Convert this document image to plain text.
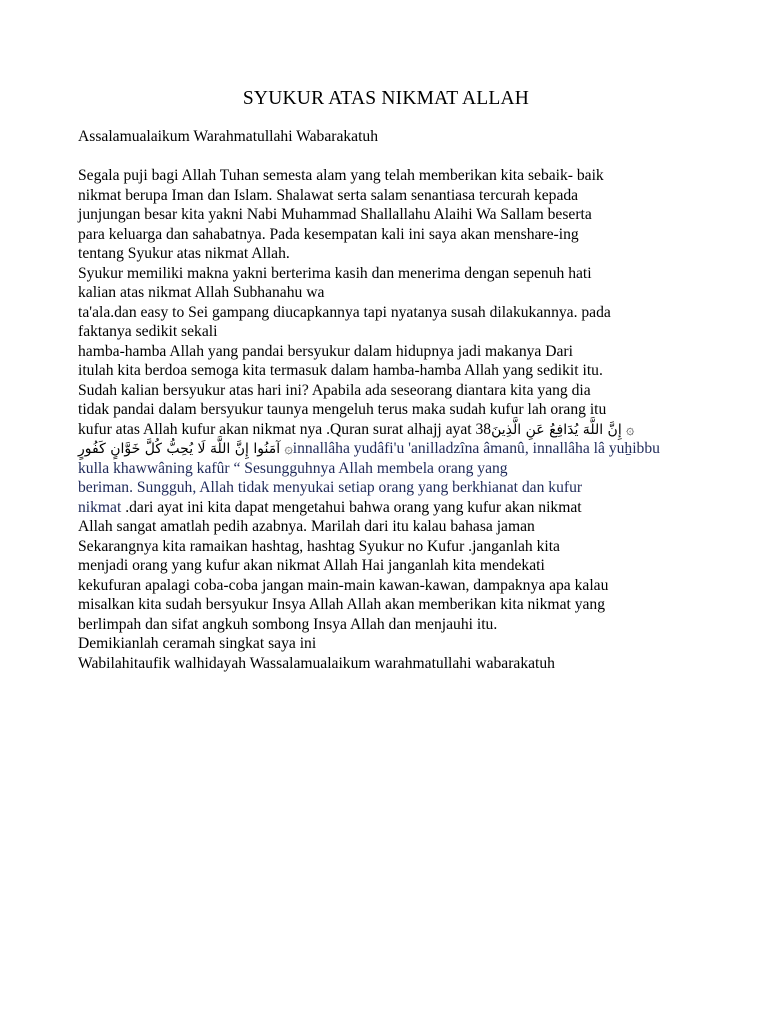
SYUKUR ATAS NIKMAT ALLAH
Assalamualaikum Warahmatullahi Wabarakatuh
Segala puji bagi Allah Tuhan semesta alam yang telah memberikan kita sebaik- baik
nikmat berupa Iman dan Islam. Shalawat serta salam senantiasa tercurah kepada
junjungan besar kita yakni Nabi Muhammad Shallallahu Alaihi Wa Sallam beserta
para keluarga dan sahabatnya. Pada kesempatan kali ini saya akan menshare-ing
tentang Syukur atas nikmat Allah.
Syukur memiliki makna yakni berterima kasih dan menerima dengan sepenuh hati
kalian atas nikmat Allah Subhanahu wa
ta'ala.dan easy to Sei gampang diucapkannya tapi nyatanya susah dilakukannya. pada
faktanya sedikit sekali
hamba-hamba Allah yang pandai bersyukur dalam hidupnya jadi makanya Dari
itulah kita berdoa semoga kita termasuk dalam hamba-hamba Allah yang sedikit itu.
Sudah kalian bersyukur atas hari ini? Apabila ada seseorang diantara kita yang dia
tidak pandai dalam bersyukur taunya mengeluh terus maka sudah kufur lah orang itu
kufur atas Allah kufur akan nikmat nya .Quran surat alhajj ayat 38۞ إِنَّ اللَّهَ يُدَافِعُ عَنِ الَّذِينَ
۞ آمَنُوا إِنَّ اللَّهَ لَا يُحِبُّ كُلَّ خَوَّانٍ كَفُورٍinnallâha yudâfi'u 'anilladzîna âmanû, innallâha lâ yuẖibbu
kulla khawwâning kafûr “ Sesungguhnya Allah membela orang yang
beriman. Sungguh, Allah tidak menyukai setiap orang yang berkhianat dan kufur
nikmat .dari ayat ini kita dapat mengetahui bahwa orang yang kufur akan nikmat
Allah sangat amatlah pedih azabnya. Marilah dari itu kalau bahasa jaman
Sekarangnya kita ramaikan hashtag, hashtag Syukur no Kufur .janganlah kita
menjadi orang yang kufur akan nikmat Allah Hai janganlah kita mendekati
kekufuran apalagi coba-coba jangan main-main kawan-kawan, dampaknya apa kalau
misalkan kita sudah bersyukur Insya Allah Allah akan memberikan kita nikmat yang
berlimpah dan sifat angkuh sombong Insya Allah dan menjauhi itu.
Demikianlah ceramah singkat saya ini
Wabilahitaufik walhidayah Wassalamualaikum warahmatullahi wabarakatuh
